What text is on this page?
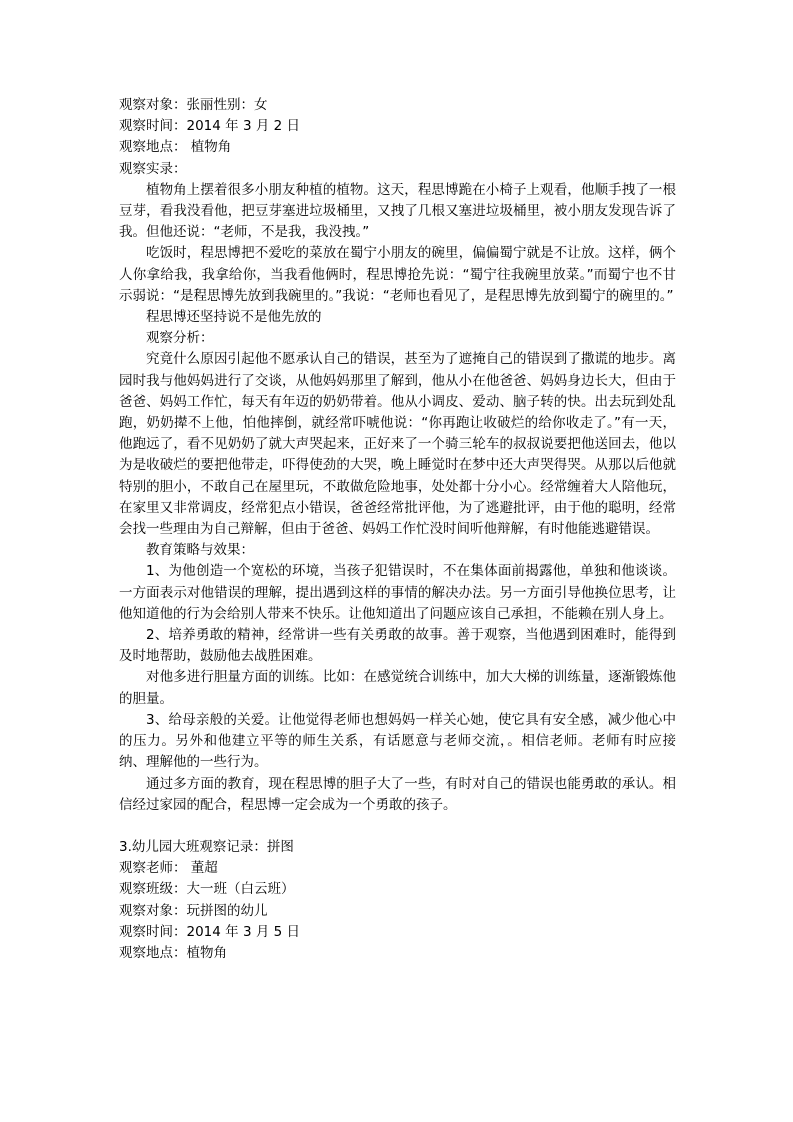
观察对象：张丽性别：女

观察时间：2014 年 3 月 2 日

观察地点： 植物角

观察实录：

植物角上摆着很多小朋友种植的植物。这天，程思博跪在小椅子上观看，他顺手拽了一根豆芽，看我没看他，把豆芽塞进垃圾桶里，又拽了几根又塞进垃圾桶里，被小朋友发现告诉了我。但他还说：“老师，不是我，我没拽。”

吃饭时，程思博把不爱吃的菜放在蜀宁小朋友的碗里，偏偏蜀宁就是不让放。这样，俩个人你拿给我，我拿给你，当我看他俩时，程思博抢先说：“蜀宁往我碗里放菜。”而蜀宁也不甘示弱说：“是程思博先放到我碗里的。”我说：“老师也看见了，是程思博先放到蜀宁的碗里的。”

程思博还坚持说不是他先放的

观察分析：

究竟什么原因引起他不愿承认自己的错误，甚至为了遮掩自己的错误到了撒谎的地步。离园时我与他妈妈进行了交谈，从他妈妈那里了解到，他从小在他爸爸、妈妈身边长大，但由于爸爸、妈妈工作忙，每天有年迈的奶奶带着。他从小调皮、爱动、脑子转的快。出去玩到处乱跑，奶奶撵不上他，怕他摔倒，就经常吓唬他说：“你再跑让收破烂的给你收走了。”有一天，他跑远了，看不见奶奶了就大声哭起来，正好来了一个骑三轮车的叔叔说要把他送回去，他以为是收破烂的要把他带走，吓得使劲的大哭，晚上睡觉时在梦中还大声哭得哭。从那以后他就特别的胆小，不敢自己在屋里玩，不敢做危险地事，处处都十分小心。经常缠着大人陪他玩，在家里又非常调皮，经常犯点小错误，爸爸经常批评他，为了逃避批评，由于他的聪明，经常会找一些理由为自己辩解，但由于爸爸、妈妈工作忙没时间听他辩解，有时他能逃避错误。

教育策略与效果：

1、为他创造一个宽松的环境，当孩子犯错误时，不在集体面前揭露他，单独和他谈谈。一方面表示对他错误的理解，提出遇到这样的事情的解决办法。另一方面引导他换位思考，让他知道他的行为会给别人带来不快乐。让他知道出了问题应该自己承担，不能赖在别人身上。

2、培养勇敢的精神，经常讲一些有关勇敢的故事。善于观察，当他遇到困难时，能得到及时地帮助，鼓励他去战胜困难。

对他多进行胆量方面的训练。比如：在感觉统合训练中，加大大梯的训练量，逐渐锻炼他的胆量。

3、给母亲般的关爱。让他觉得老师也想妈妈一样关心她，使它具有安全感，减少他心中的压力。另外和他建立平等的师生关系，有话愿意与老师交流，。相信老师。老师有时应接纳、理解他的一些行为。

通过多方面的教育，现在程思博的胆子大了一些，有时对自己的错误也能勇敢的承认。相信经过家园的配合，程思博一定会成为一个勇敢的孩子。

3.幼儿园大班观察记录：拼图

观察老师： 董超

观察班级：大一班（白云班）

观察对象：玩拼图的幼儿

观察时间：2014 年 3 月 5 日

观察地点：植物角
